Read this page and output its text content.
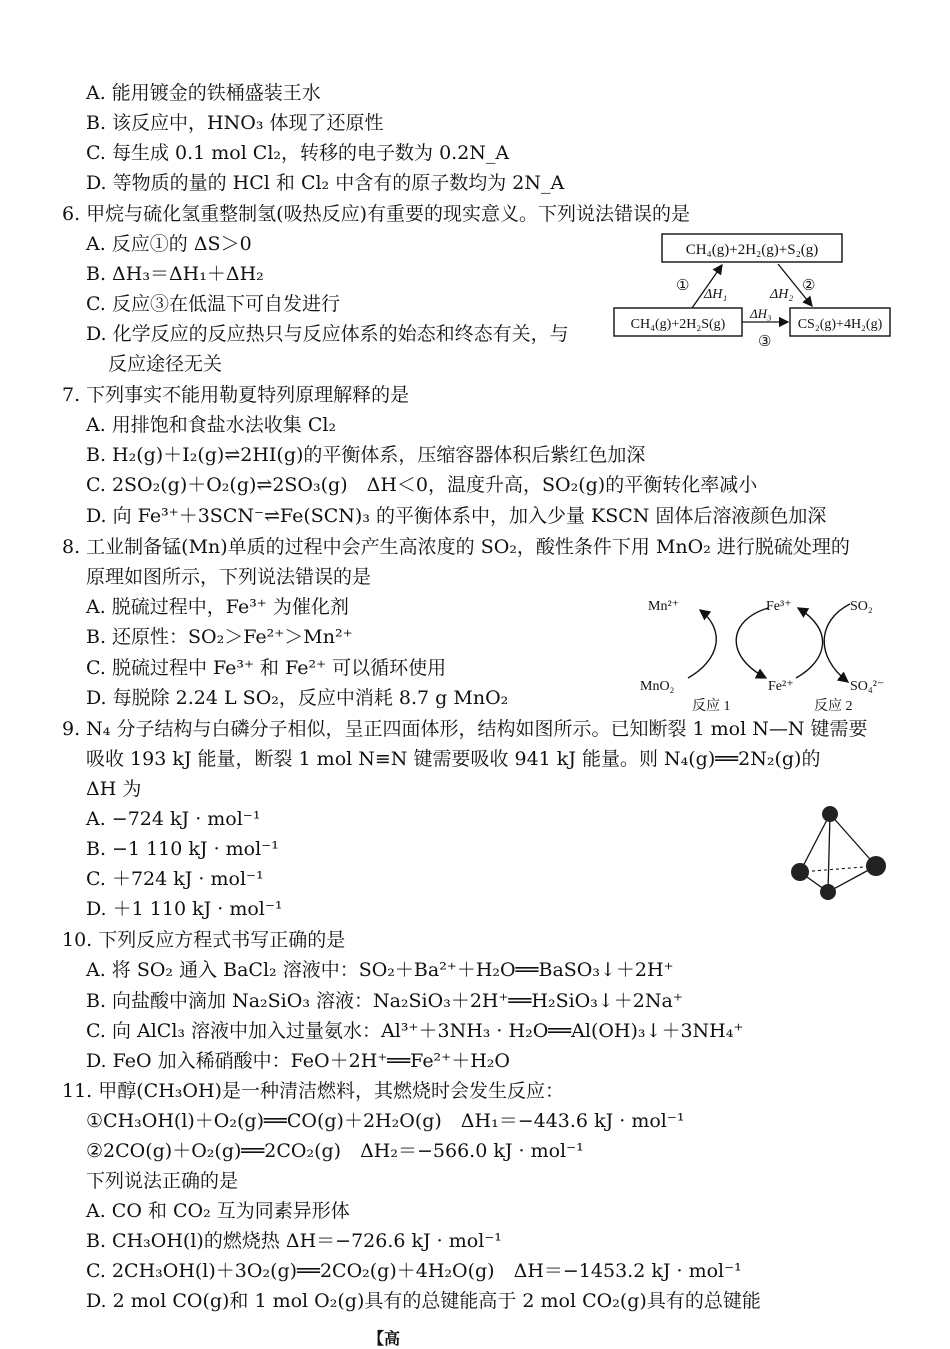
A. 能用镀金的铁桶盛装王水
B. 该反应中，HNO₃ 体现了还原性
C. 每生成 0.1 mol Cl₂，转移的电子数为 0.2N_A
D. 等物质的量的 HCl 和 Cl₂ 中含有的原子数均为 2N_A
6. 甲烷与硫化氢重整制氢(吸热反应)有重要的现实意义。下列说法错误的是
A. 反应①的 ΔS＞0
B. ΔH₃＝ΔH₁＋ΔH₂
C. 反应③在低温下可自发进行
D. 化学反应的反应热只与反应体系的始态和终态有关，与
反应途径无关
CH₄(g)+2H₂(g)+S₂(g)
CH₄(g)+2H₂S(g)	CS₂(g)+4H₂(g)
①
ΔH₁	ΔH₂
②
ΔH₃
③
7. 下列事实不能用勒夏特列原理解释的是
A. 用排饱和食盐水法收集 Cl₂
B. H₂(g)＋I₂(g)⇌2HI(g)的平衡体系，压缩容器体积后紫红色加深
C. 2SO₂(g)＋O₂(g)⇌2SO₃(g)　ΔH＜0，温度升高，SO₂(g)的平衡转化率减小
D. 向 Fe³⁺＋3SCN⁻⇌Fe(SCN)₃ 的平衡体系中，加入少量 KSCN 固体后溶液颜色加深
8. 工业制备锰(Mn)单质的过程中会产生高浓度的 SO₂，酸性条件下用 MnO₂ 进行脱硫处理的
原理如图所示，下列说法错误的是
A. 脱硫过程中，Fe³⁺ 为催化剂
B. 还原性：SO₂＞Fe²⁺＞Mn²⁺
C. 脱硫过程中 Fe³⁺ 和 Fe²⁺ 可以循环使用
D. 每脱除 2.24 L SO₂，反应中消耗 8.7 g MnO₂
Mn²⁺	Fe³⁺	SO₂
MnO₂	Fe²⁺	SO₄²⁻
反应 1	反应 2
9. N₄ 分子结构与白磷分子相似，呈正四面体形，结构如图所示。已知断裂 1 mol N—N 键需要
吸收 193 kJ 能量，断裂 1 mol N≡N 键需要吸收 941 kJ 能量。则 N₄(g)══2N₂(g)的
ΔH 为
A. −724 kJ · mol⁻¹
B. −1 110 kJ · mol⁻¹
C. ＋724 kJ · mol⁻¹
D. ＋1 110 kJ · mol⁻¹
10. 下列反应方程式书写正确的是
A. 将 SO₂ 通入 BaCl₂ 溶液中：SO₂＋Ba²⁺＋H₂O══BaSO₃↓＋2H⁺
B. 向盐酸中滴加 Na₂SiO₃ 溶液：Na₂SiO₃＋2H⁺══H₂SiO₃↓＋2Na⁺
C. 向 AlCl₃ 溶液中加入过量氨水：Al³⁺＋3NH₃ · H₂O══Al(OH)₃↓＋3NH₄⁺
D. FeO 加入稀硝酸中：FeO＋2H⁺══Fe²⁺＋H₂O
11. 甲醇(CH₃OH)是一种清洁燃料，其燃烧时会发生反应：
①CH₃OH(l)＋O₂(g)══CO(g)＋2H₂O(g)　ΔH₁＝−443.6 kJ · mol⁻¹
②2CO(g)＋O₂(g)══2CO₂(g)　ΔH₂＝−566.0 kJ · mol⁻¹
下列说法正确的是
A. CO 和 CO₂ 互为同素异形体
B. CH₃OH(l)的燃烧热 ΔH＝−726.6 kJ · mol⁻¹
C. 2CH₃OH(l)＋3O₂(g)══2CO₂(g)＋4H₂O(g)　ΔH＝−1453.2 kJ · mol⁻¹
D. 2 mol CO(g)和 1 mol O₂(g)具有的总键能高于 2 mol CO₂(g)具有的总键能
【高
